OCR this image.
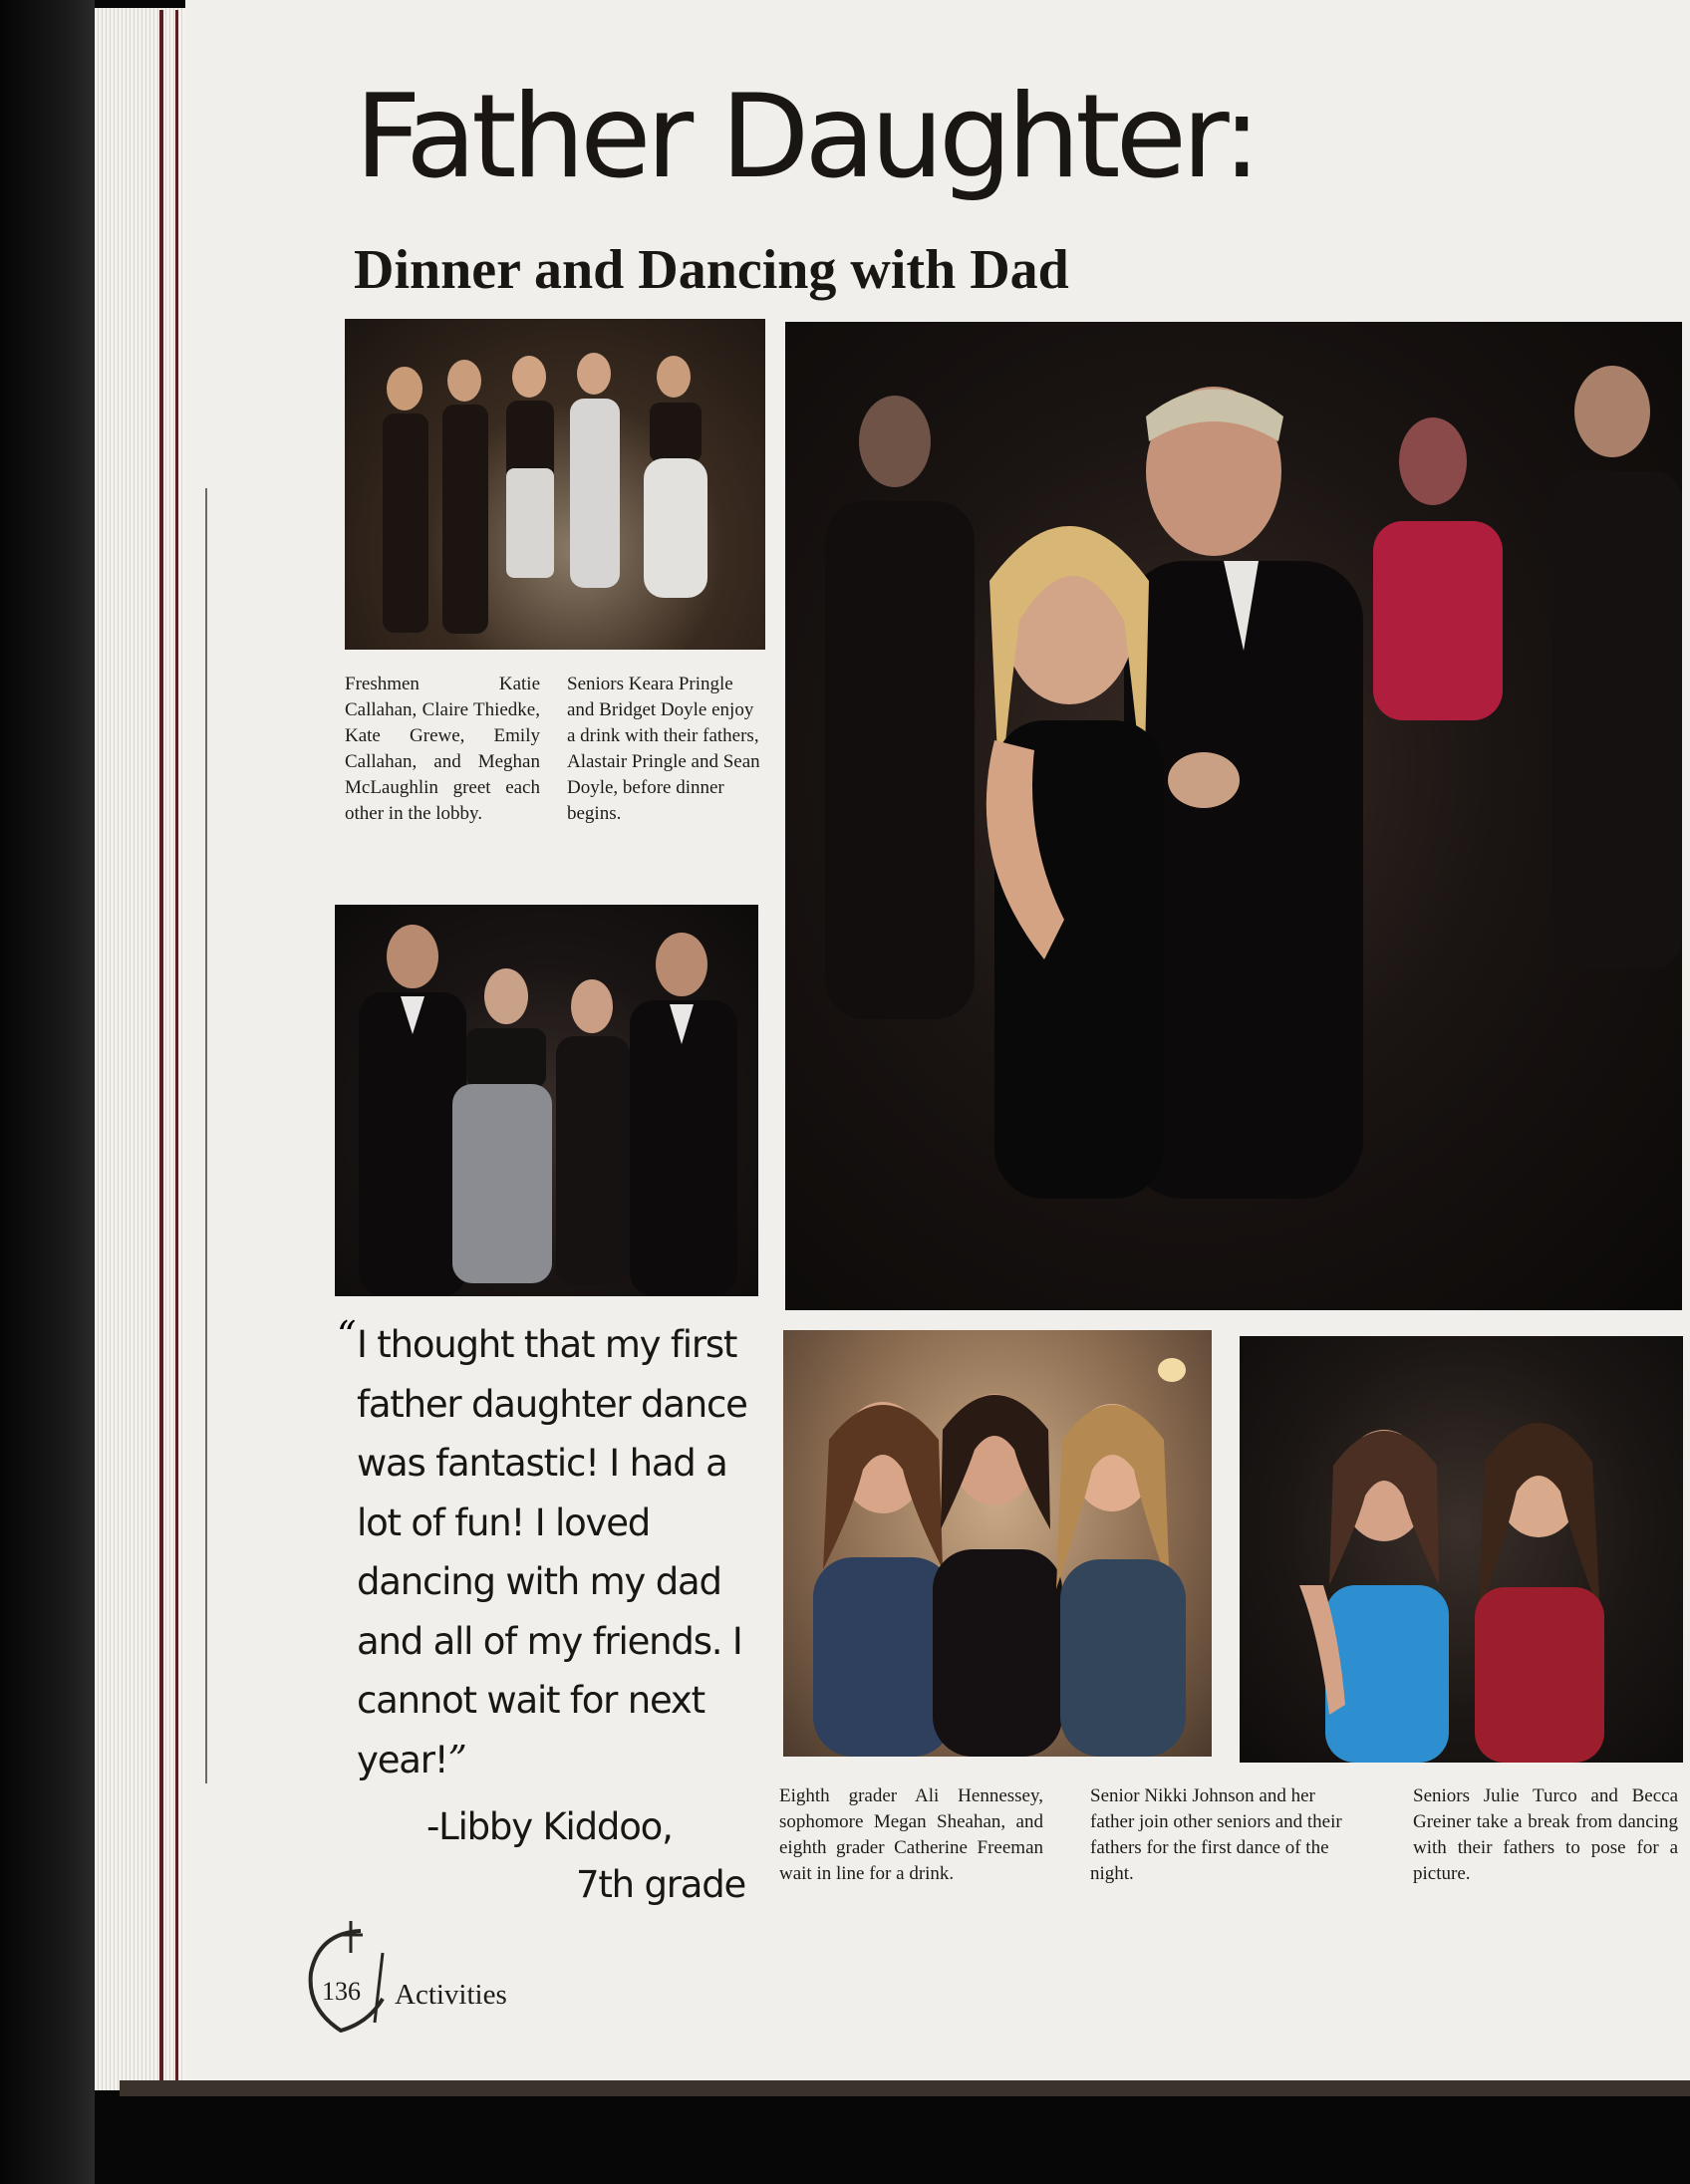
Father Daughter:
Dinner and Dancing with Dad

Freshmen Katie Callahan, Claire Thiedke, Kate Grewe, Emily Callahan, and Meghan McLaughlin greet each other in the lobby.

Seniors Keara Pringle and Bridget Doyle enjoy a drink with their fathers, Alastair Pringle and Sean Doyle, before dinner begins.

Eighth grader Ali Hennessey, sophomore Megan Sheahan, and eighth grader Catherine Freeman wait in line for a drink.

Senior Nikki Johnson and her father join other seniors and their fathers for the first dance of the night.

Seniors Julie Turco and Becca Greiner take a break from dancing with their fathers to pose for a picture.

“ I thought that my first father daughter dance was fantastic! I had a lot of fun! I loved dancing with my dad and all of my friends. I cannot wait for next year!”

-Libby Kiddoo,

7th grade

136 Activities
